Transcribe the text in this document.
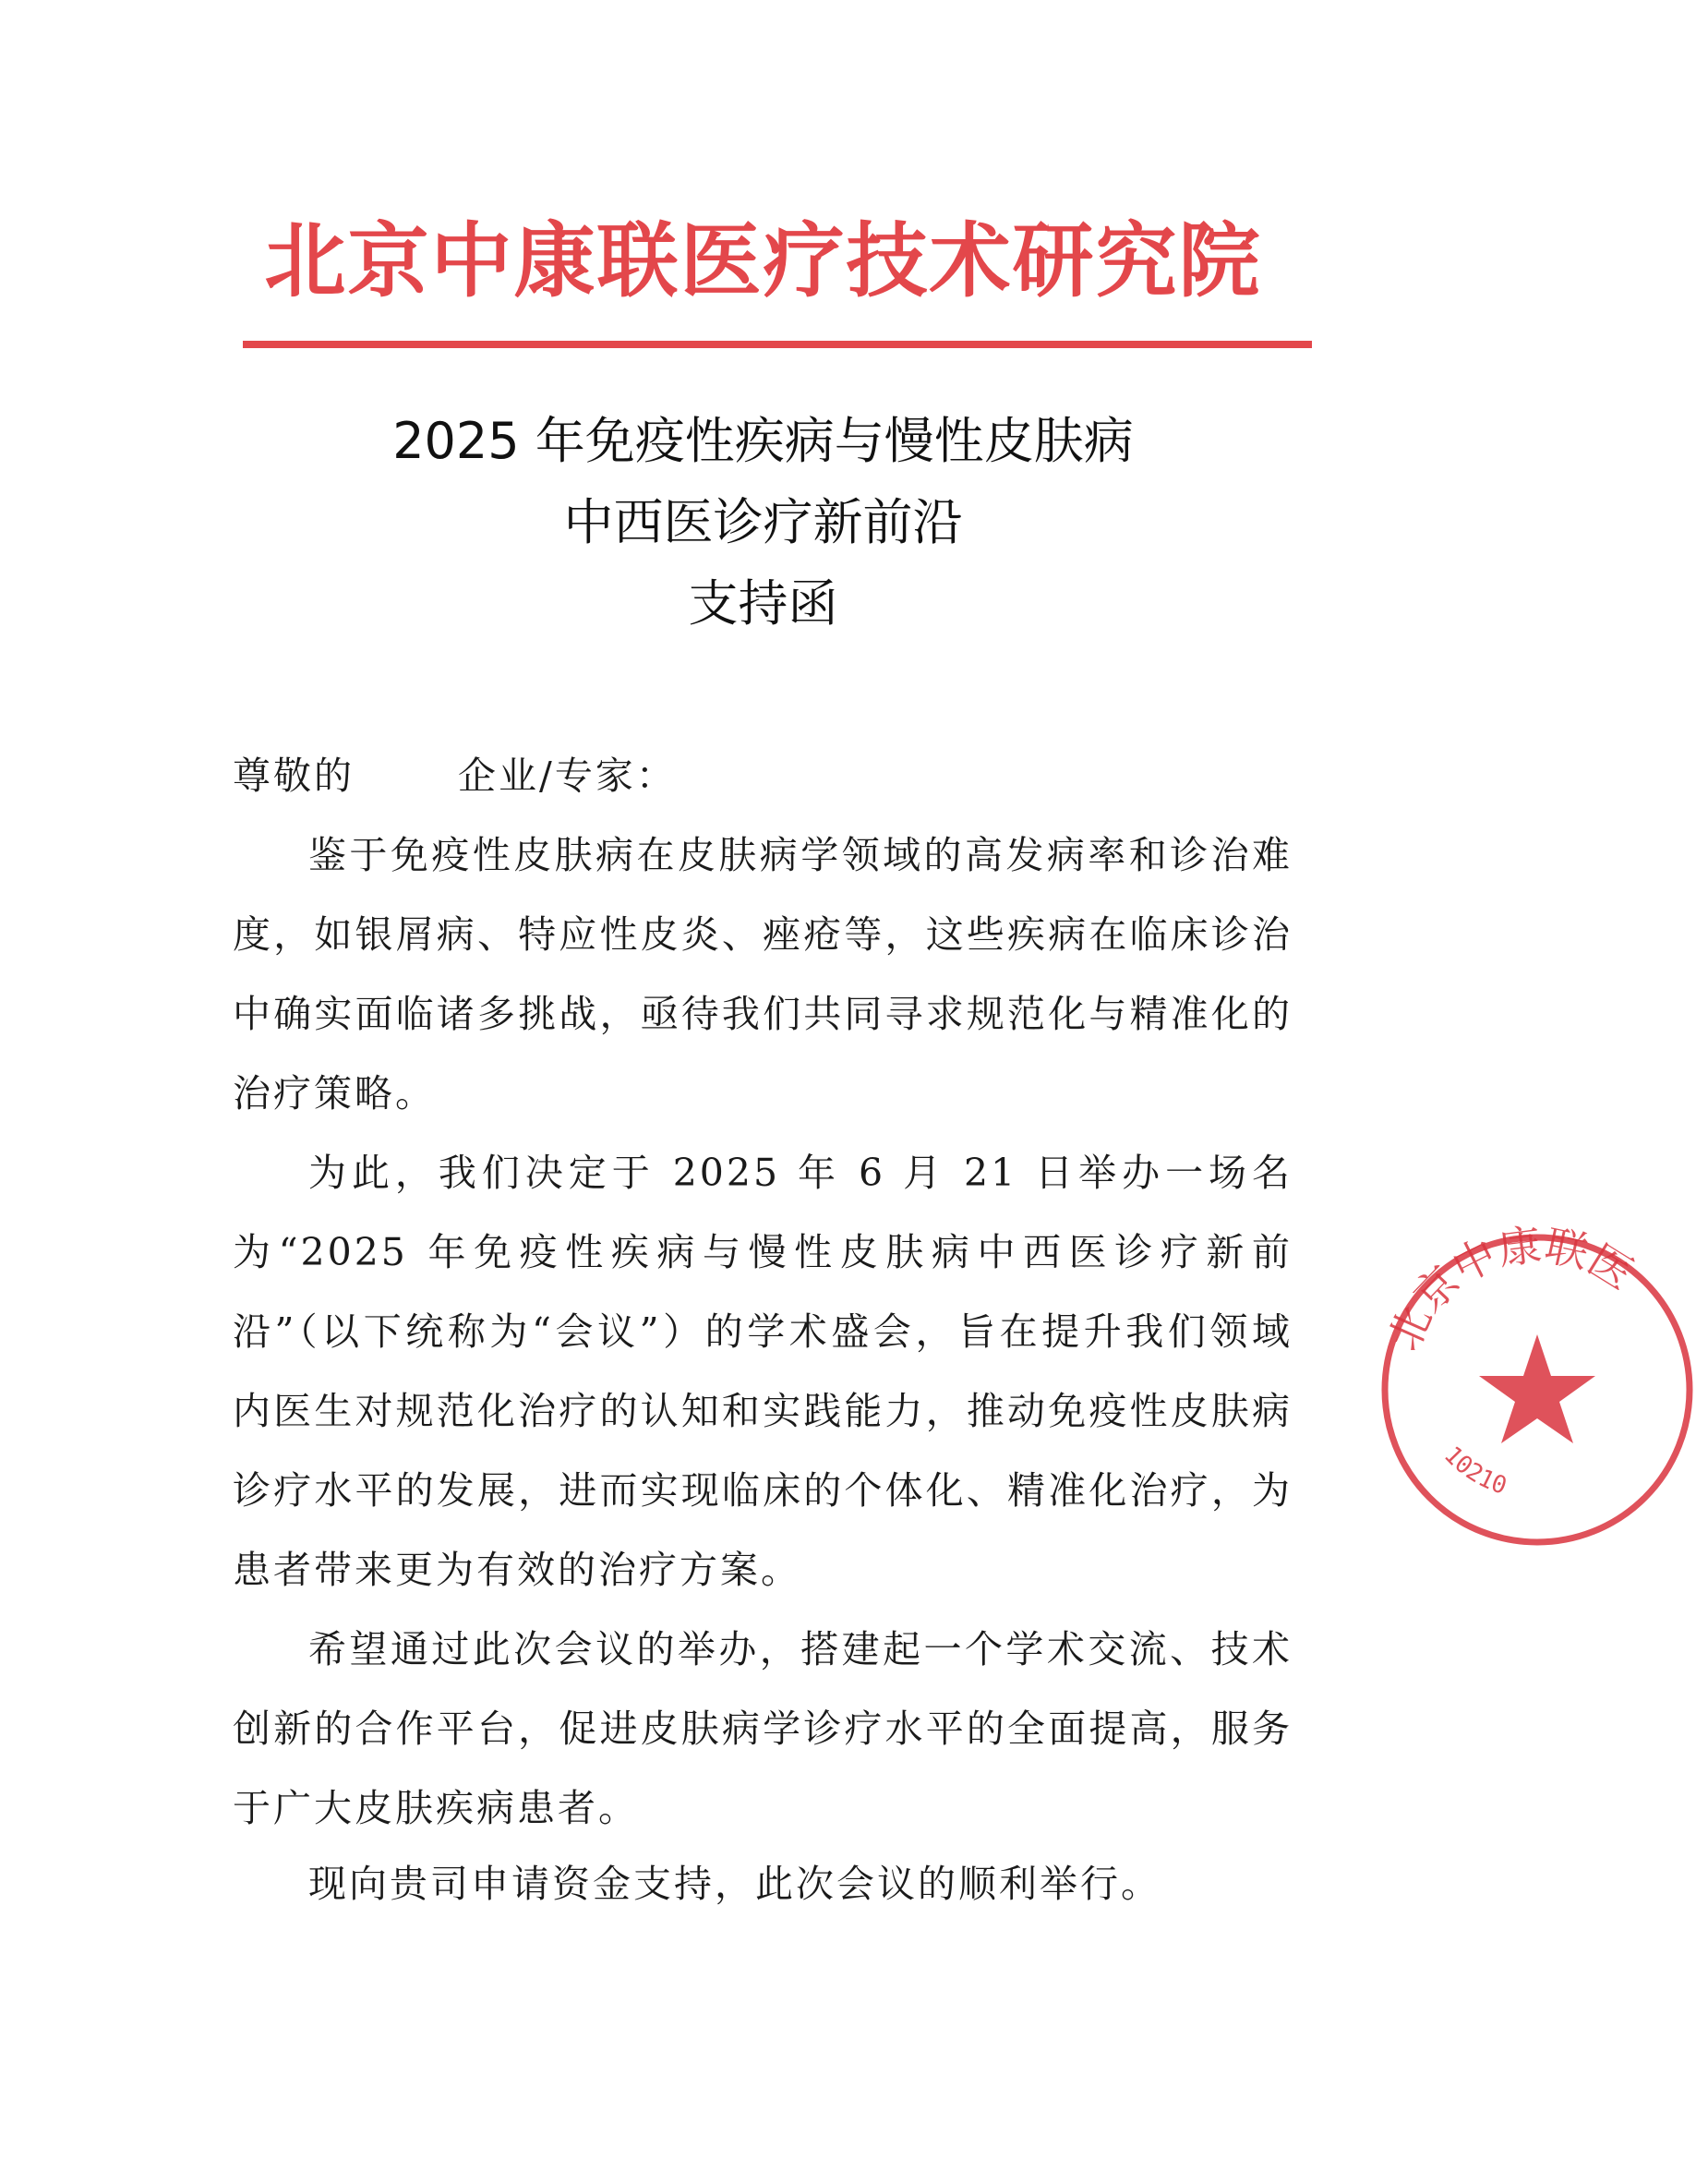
北京中康联医疗技术研究院
2025 年免疫性疾病与慢性皮肤病
中西医诊疗新前沿
支持函
尊敬的	企业/专家：
鉴于免疫性皮肤病在皮肤病学领域的高发病率和诊治难度，如银屑病、特应性皮炎、痤疮等，这些疾病在临床诊治中确实面临诸多挑战，亟待我们共同寻求规范化与精准化的治疗策略。
为此，我们决定于 2025 年 6 月 21 日举办一场名为“2025 年免疫性疾病与慢性皮肤病中西医诊疗新前沿”（以下统称为“会议”）的学术盛会，旨在提升我们领域内医生对规范化治疗的认知和实践能力，推动免疫性皮肤病诊疗水平的发展，进而实现临床的个体化、精准化治疗，为患者带来更为有效的治疗方案。
希望通过此次会议的举办，搭建起一个学术交流、技术创新的合作平台，促进皮肤病学诊疗水平的全面提高，服务于广大皮肤疾病患者。
现向贵司申请资金支持，此次会议的顺利举行。
北京中康联医
10210
